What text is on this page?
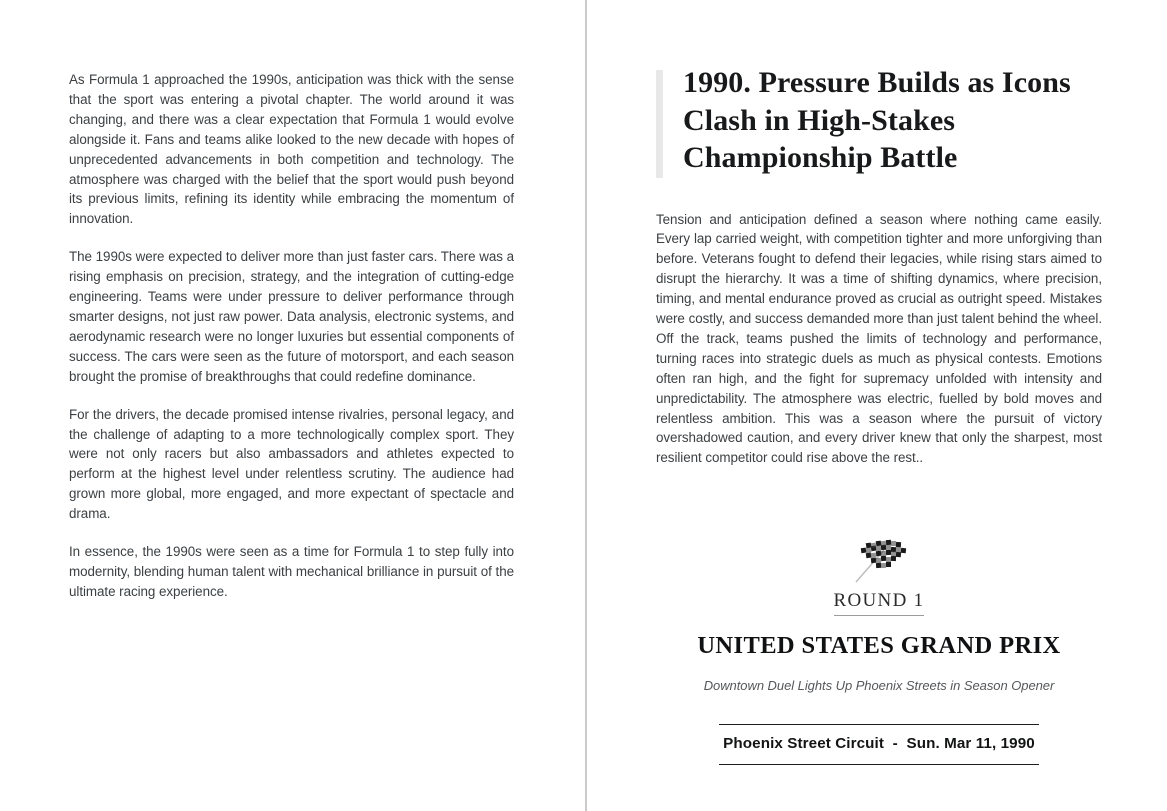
As Formula 1 approached the 1990s, anticipation was thick with the sense that the sport was entering a pivotal chapter. The world around it was changing, and there was a clear expectation that Formula 1 would evolve alongside it. Fans and teams alike looked to the new decade with hopes of unprecedented advancements in both competition and technology. The atmosphere was charged with the belief that the sport would push beyond its previous limits, refining its identity while embracing the momentum of innovation.

The 1990s were expected to deliver more than just faster cars. There was a rising emphasis on precision, strategy, and the integration of cutting-edge engineering. Teams were under pressure to deliver performance through smarter designs, not just raw power. Data analysis, electronic systems, and aerodynamic research were no longer luxuries but essential components of success. The cars were seen as the future of motorsport, and each season brought the promise of breakthroughs that could redefine dominance.

For the drivers, the decade promised intense rivalries, personal legacy, and the challenge of adapting to a more technologically complex sport. They were not only racers but also ambassadors and athletes expected to perform at the highest level under relentless scrutiny. The audience had grown more global, more engaged, and more expectant of spectacle and drama.

In essence, the 1990s were seen as a time for Formula 1 to step fully into modernity, blending human talent with mechanical brilliance in pursuit of the ultimate racing experience.

1990. Pressure Builds as Icons Clash in High-Stakes Championship Battle

Tension and anticipation defined a season where nothing came easily. Every lap carried weight, with competition tighter and more unforgiving than before. Veterans fought to defend their legacies, while rising stars aimed to disrupt the hierarchy. It was a time of shifting dynamics, where precision, timing, and mental endurance proved as crucial as outright speed. Mistakes were costly, and success demanded more than just talent behind the wheel. Off the track, teams pushed the limits of technology and performance, turning races into strategic duels as much as physical contests. Emotions often ran high, and the fight for supremacy unfolded with intensity and unpredictability. The atmosphere was electric, fuelled by bold moves and relentless ambition. This was a season where the pursuit of victory overshadowed caution, and every driver knew that only the sharpest, most resilient competitor could rise above the rest..

ROUND 1
UNITED STATES GRAND PRIX
Downtown Duel Lights Up Phoenix Streets in Season Opener
Phoenix Street Circuit  -  Sun. Mar 11, 1990
